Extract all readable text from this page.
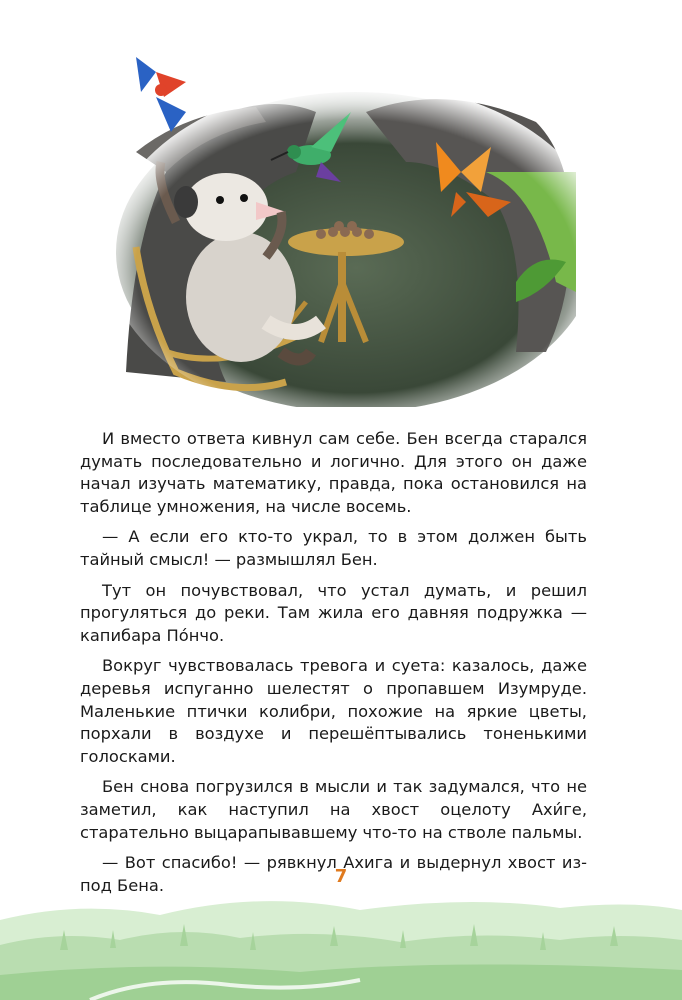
И вместо ответа кивнул сам себе. Бен всегда старался думать последовательно и логично. Для этого он даже начал изучать математику, правда, пока остановился на таблице умножения, на числе восемь.

— А если его кто-то украл, то в этом должен быть тайный смысл! — размышлял Бен.

Тут он почувствовал, что устал думать, и решил прогуляться до реки. Там жила его давняя подружка — капибара По́нчо.

Вокруг чувствовалась тревога и суета: казалось, даже деревья испуганно шелестят о пропавшем Изумруде. Маленькие птички колибри, похожие на яркие цветы, порхали в воздухе и перешёптывались тоненькими голосками.

Бен снова погрузился в мысли и так задумался, что не заметил, как наступил на хвост оцелоту Ахи́ге, старательно выцарапывавшему что-то на стволе пальмы.

— Вот спасибо! — рявкнул Ахига и выдернул хвост из-под Бена.	7
